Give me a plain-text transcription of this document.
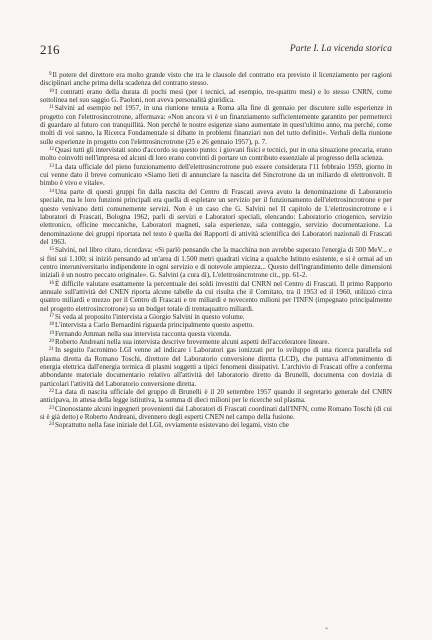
216	Parte I. La vicenda storica

$^9$Il potere del direttore era molto grande visto che tra le clausole del contratto era previsto il licenziamento per ragioni disciplinari anche prima della scadenza del contratto stesso.

$^{10}$I contratti erano della durata di pochi mesi (per i tecnici, ad esempio, tre-quattro mesi) e lo stesso CNRN, come sottolinea nel suo saggio G. Paoloni, non aveva personalità giuridica.

$^{11}$Salvini ad esempio nel 1957, in una riunione tenuta a Roma alla fine di gennaio per discutere sulle esperienze in progetto con l'elettrosincrotrone, affermava: «Non ancora vi è un finanziamento sufficientemente garantito per permetterci di guardare al futuro con tranquillità. Non perché le nostre esigenze siano aumentate in quest'ultimo anno, ma perché, come molti di voi sanno, la Ricerca Fondamentale si dibatte in problemi finanziari non del tutto definiti». Verbali della riunione sulle esperienze in progetto con l'elettrosincrotrone (25 e 26 gennaio 1957), p. 7.

$^{12}$Quasi tutti gli intervistati sono d'accordo su questo punto: i giovani fisici e tecnici, pur in una situazione precaria, erano molto coinvolti nell'impresa ed alcuni di loro erano convinti di portare un contributo essenziale al progresso della scienza.

$^{13}$La data ufficiale del pieno funzionamento dell'elettrosincrotrone può essere considerata l'11 febbraio 1959, giorno in cui venne dato il breve comunicato «Siamo lieti di annunciare la nascita del Sincrotrone da un miliardo di elettronvolt. Il bimbo è vivo e vitale».

$^{14}$Una parte di questi gruppi fin dalla nascita del Centro di Frascati aveva avuto la denominazione di Laboratorio speciale, ma le loro funzioni principali era quella di espletare un servizio per il funzionamento dell'elettrosincrotrone e per questo venivano detti comunemente servizi. Non è un caso che G. Salvini nel II capitolo de L'elettrosincrotrone e i laboratori di Frascati, Bologna 1962, parli di servizi e Laboratori speciali, elencando: Laboratorio criogenico, servizio elettronico, officine meccaniche, Laboratori magneti, sala esperienze, sala conteggio, servizio documentazione. La denominazione dei gruppi riportata nel testo è quella dei Rapporti di attività scientifica dei Laboratori nazionali di Frascati del 1963.

$^{15}$Salvini, nel libro citato, ricordava: «Si parlò pensando che la macchina non avrebbe superato l'energia di 500 MeV... e si finì sui 1.100; si iniziò pensando ad un'area di 1.500 metri quadrati vicina a qualche Istituto esistente, e si è ormai ad un centro interuniversitario indipendente in ogni servizio e di notevole ampiezza... Questo dell'ingrandimento delle dimensioni iniziali è un nostro peccato originale». G. Salvini (a cura di), L'elettrosincrotrone cit., pp. 61-2.

$^{16}$È difficile valutare esattamente la percentuale dei soldi investiti dal CNRN nel Centro di Frascati. Il primo Rapporto annuale sull'attività del CNEN riporta alcune tabelle da cui risulta che il Comitato, tra il 1953 ed il 1960, utilizzò circa quattro miliardi e mezzo per il Centro di Frascati e tre miliardi e novecento milioni per l'INFN (impegnato principalmente nel progetto elettrosincrotrone) su un budget totale di trentaquattro miliardi.

$^{17}$Si veda al proposito l'intervista a Giorgio Salvini in questo volume.

$^{18}$L'intervista a Carlo Bernardini riguarda principalmente questo aspetto.

$^{19}$Fernando Amman nella sua intervista racconta questa vicenda.

$^{20}$Roberto Andreani nella sua intervista descrive brevemente alcuni aspetti dell'acceleratore lineare.

$^{21}$In seguito l'acronimo LGI venne ad indicare i Laboratori gas ionizzati per lo sviluppo di una ricerca parallela sul plasma diretta da Romano Toschi, direttore del Laboratorio conversione diretta (LCD), che puntava all'ottenimento di energia elettrica dall'energia termica di plasmi soggetti a tipici fenomeni dissipativi. L'archivio di Frascati offre a conferma abbondante materiale documentario relativo all'attività del laboratorio diretto da Brunelli, documenta con dovizia di particolari l'attività del Laboratorio conversione diretta.

$^{22}$La data di nascita ufficiale del gruppo di Brunelli è il 20 settembre 1957 quando il segretario generale del CNRN anticipava, in attesa della legge istitutiva, la somma di dieci milioni per le ricerche sul plasma.

$^{23}$Cinonostante alcuni ingegneri provenienti dai Laboratori di Frascati coordinati dall'INFN, come Romano Toschi (di cui si è già detto) e Roberto Andreani, divennero degli esperti CNEN nel campo della fusione.

$^{24}$Soprattutto nella fase iniziale del LGI, ovviamente esistevano dei legami, visto che

*
